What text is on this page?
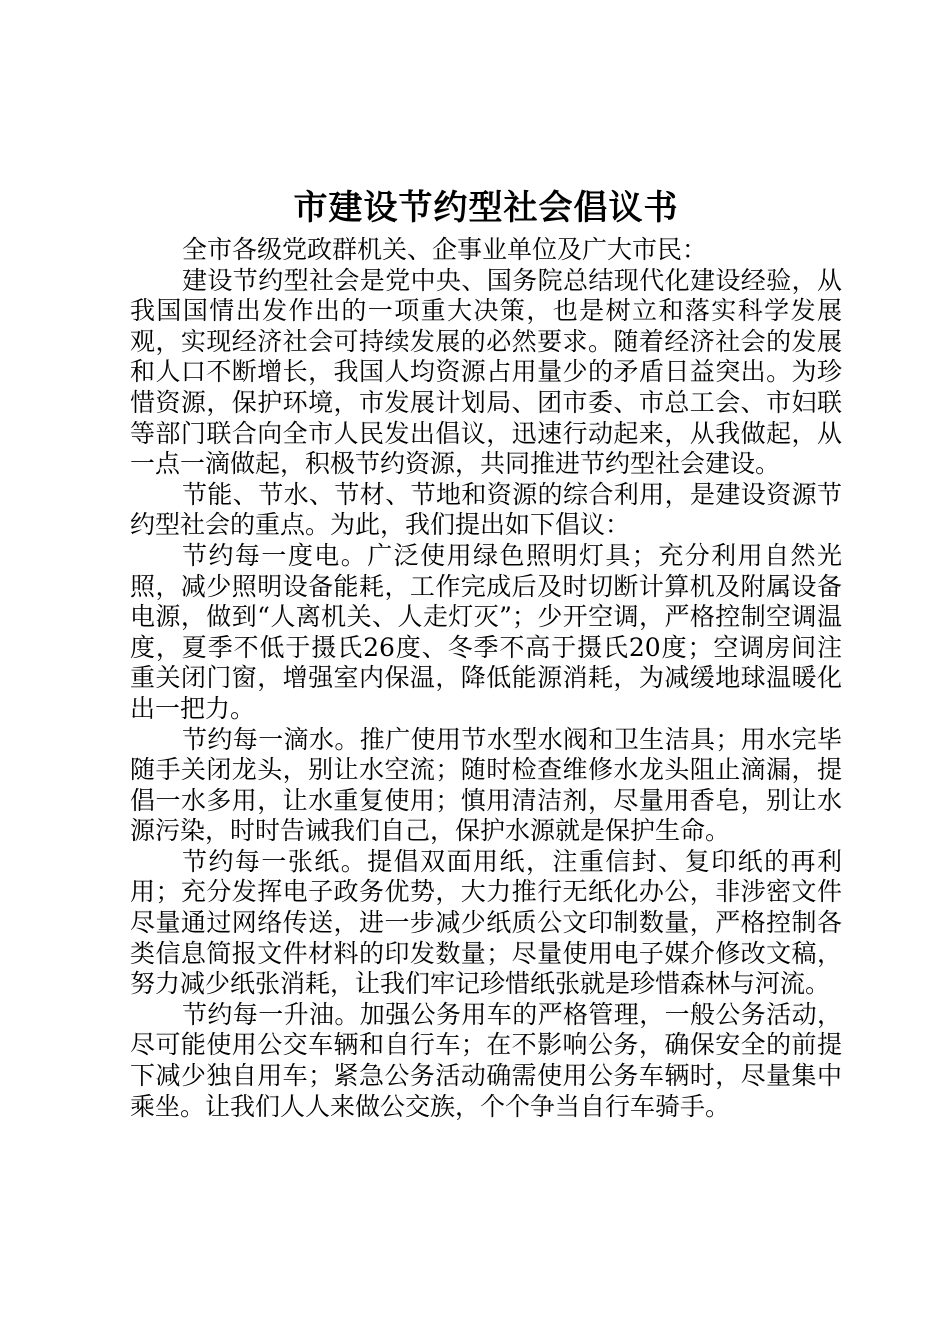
市建设节约型社会倡议书

全市各级党政群机关、企事业单位及广大市民：

建设节约型社会是党中央、国务院总结现代化建设经验，从我国国情出发作出的一项重大决策，也是树立和落实科学发展观，实现经济社会可持续发展的必然要求。随着经济社会的发展和人口不断增长，我国人均资源占用量少的矛盾日益突出。为珍惜资源，保护环境，市发展计划局、团市委、市总工会、市妇联等部门联合向全市人民发出倡议，迅速行动起来，从我做起，从一点一滴做起，积极节约资源，共同推进节约型社会建设。

节能、节水、节材、节地和资源的综合利用，是建设资源节约型社会的重点。为此，我们提出如下倡议：

节约每一度电。广泛使用绿色照明灯具；充分利用自然光照，减少照明设备能耗，工作完成后及时切断计算机及附属设备电源，做到“人离机关、人走灯灭”；少开空调，严格控制空调温度，夏季不低于摄氏26度、冬季不高于摄氏20度；空调房间注重关闭门窗，增强室内保温，降低能源消耗，为减缓地球温暖化出一把力。

节约每一滴水。推广使用节水型水阀和卫生洁具；用水完毕随手关闭龙头，别让水空流；随时检查维修水龙头阻止滴漏，提倡一水多用，让水重复使用；慎用清洁剂，尽量用香皂，别让水源污染，时时告诫我们自己，保护水源就是保护生命。

节约每一张纸。提倡双面用纸，注重信封、复印纸的再利用；充分发挥电子政务优势，大力推行无纸化办公，非涉密文件尽量通过网络传送，进一步减少纸质公文印制数量，严格控制各类信息简报文件材料的印发数量；尽量使用电子媒介修改文稿，努力减少纸张消耗，让我们牢记珍惜纸张就是珍惜森林与河流。

节约每一升油。加强公务用车的严格管理，一般公务活动，尽可能使用公交车辆和自行车；在不影响公务，确保安全的前提下减少独自用车；紧急公务活动确需使用公务车辆时，尽量集中乘坐。让我们人人来做公交族，个个争当自行车骑手。
